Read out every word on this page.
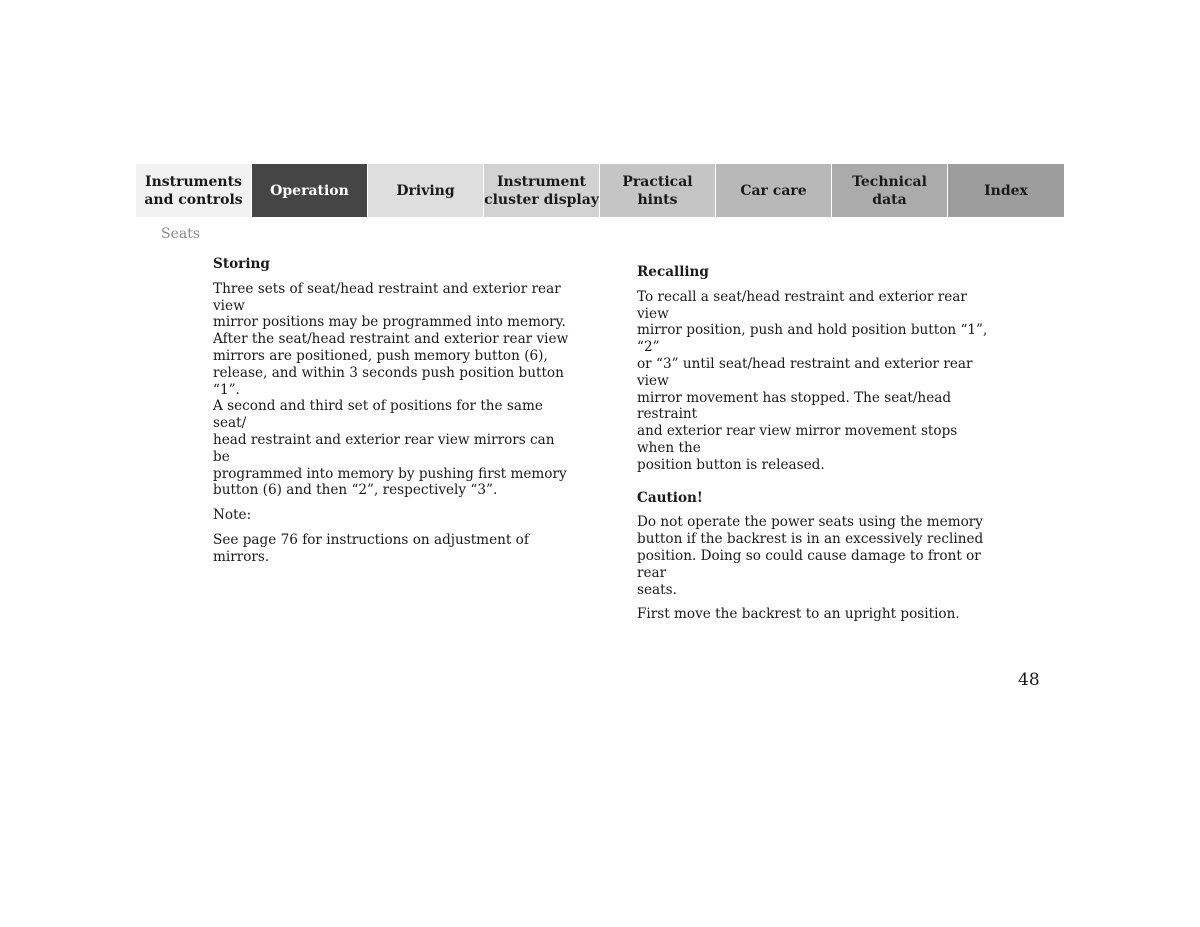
Instruments
and controls
Operation	Driving
Instrument
cluster display
Practical hints
Car care
Technical
data
Index
Seats

Storing

Three sets of seat/head restraint and exterior rear view
mirror positions may be programmed into memory.
After the seat/head restraint and exterior rear view
mirrors are positioned, push memory button (6),
release, and within 3 seconds push position button “1”.
A second and third set of positions for the same seat/
head restraint and exterior rear view mirrors can be
programmed into memory by pushing first memory
button (6) and then “2”, respectively “3”.

Note:

See page 76 for instructions on adjustment of mirrors.

Recalling

To recall a seat/head restraint and exterior rear view
mirror position, push and hold position button “1”, “2”
or “3” until seat/head restraint and exterior rear view
mirror movement has stopped. The seat/head restraint
and exterior rear view mirror movement stops when the
position button is released.

Caution!

Do not operate the power seats using the memory
button if the backrest is in an excessively reclined
position. Doing so could cause damage to front or rear
seats.

First move the backrest to an upright position.

48
